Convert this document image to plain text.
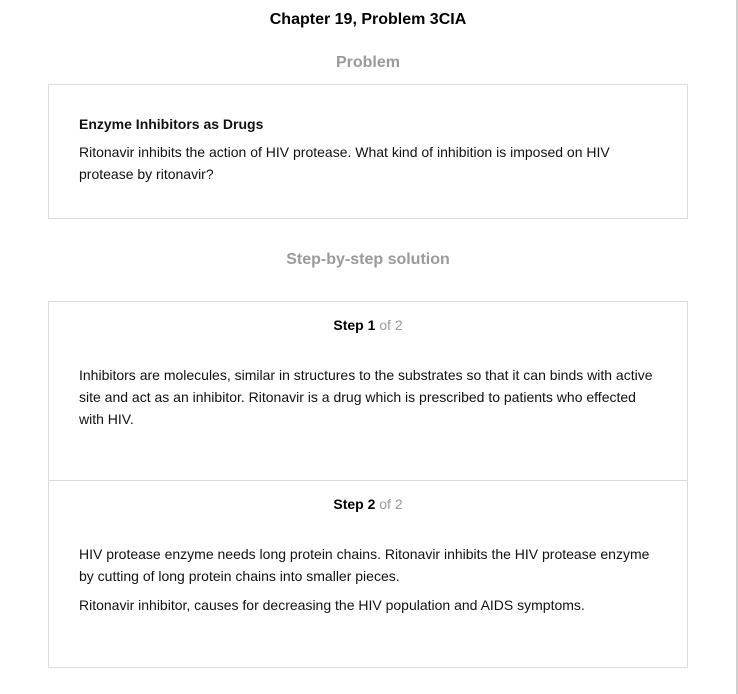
Chapter 19, Problem 3CIA
Problem
Enzyme Inhibitors as Drugs

Ritonavir inhibits the action of HIV protease. What kind of inhibition is imposed on HIV protease by ritonavir?

Step-by-step solution
Step 1 of 2

Inhibitors are molecules, similar in structures to the substrates so that it can binds with active site and act as an inhibitor. Ritonavir is a drug which is prescribed to patients who effected with HIV.

Step 2 of 2

HIV protease enzyme needs long protein chains. Ritonavir inhibits the HIV protease enzyme by cutting of long protein chains into smaller pieces.

Ritonavir inhibitor, causes for decreasing the HIV population and AIDS symptoms.
